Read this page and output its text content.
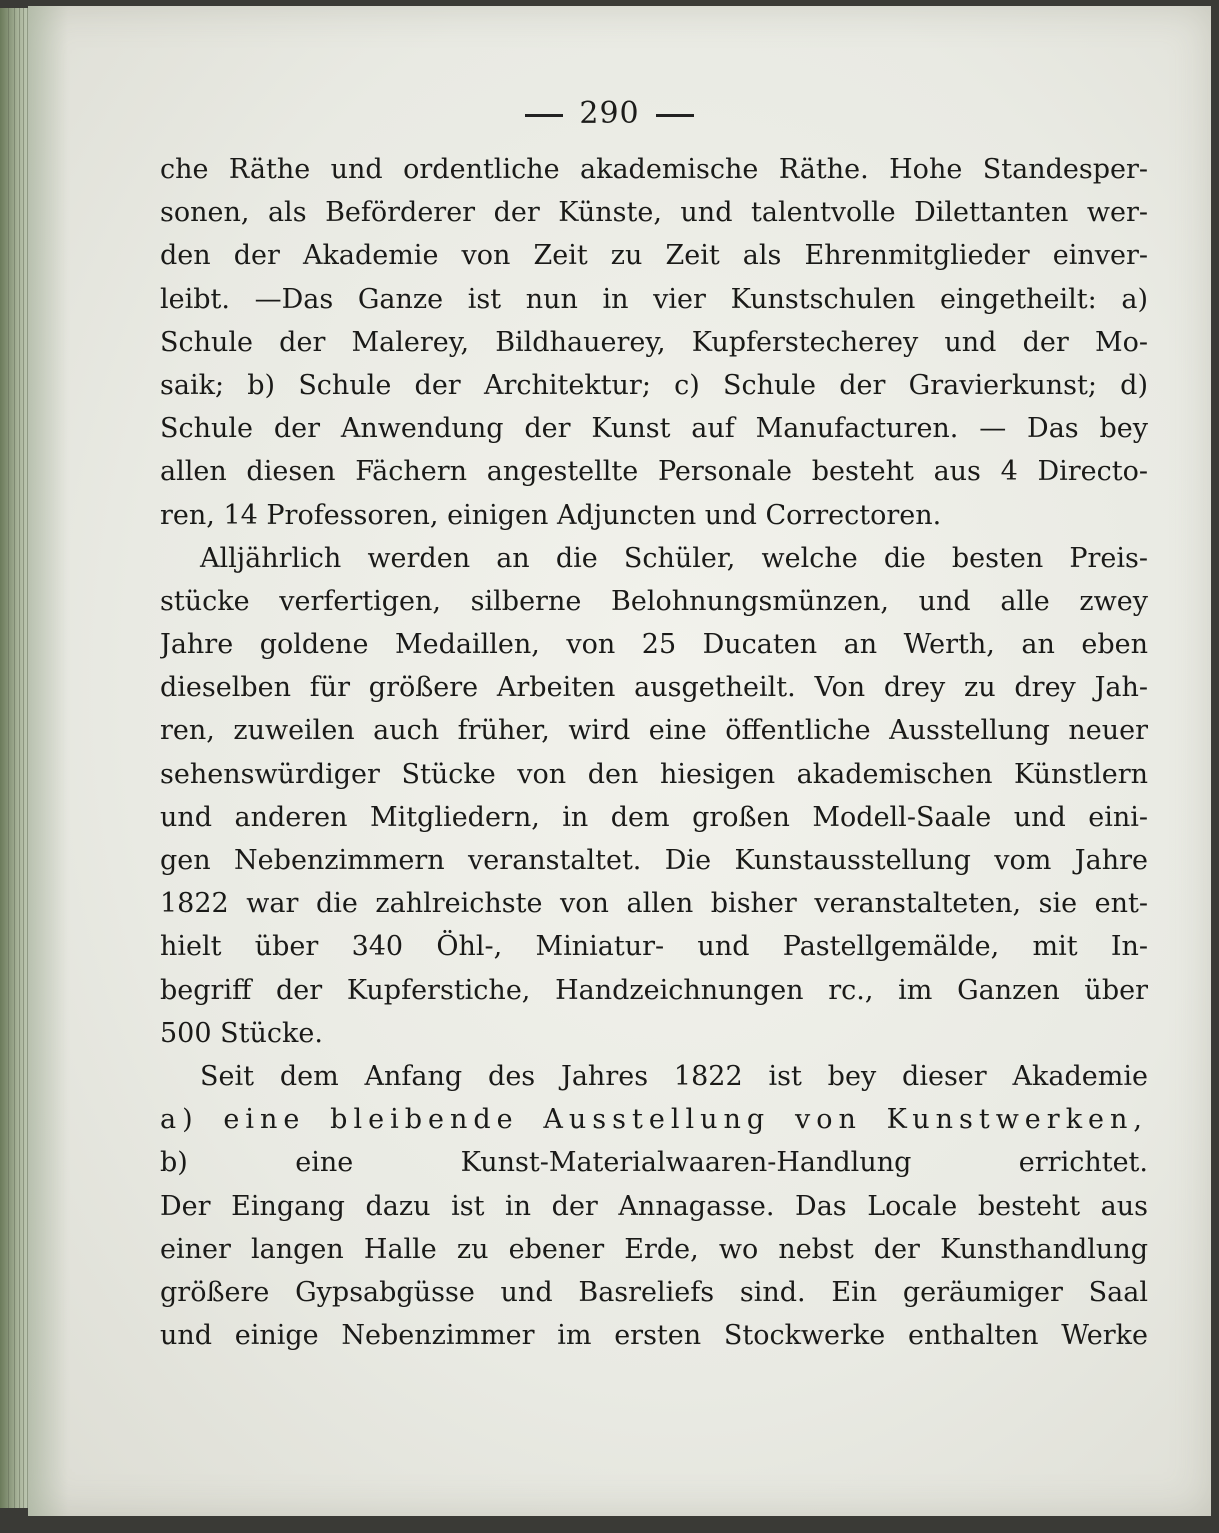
290
che Räthe und ordentliche akademische Räthe. Hohe Standesper-
sonen, als Beförderer der Künste, und talentvolle Dilettanten wer-
den der Akademie von Zeit zu Zeit als Ehrenmitglieder einver-
leibt. —Das Ganze ist nun in vier Kunstschulen eingetheilt: a)
Schule der Malerey, Bildhauerey, Kupferstecherey und der Mo-
saik; b) Schule der Architektur; c) Schule der Gravierkunst; d)
Schule der Anwendung der Kunst auf Manufacturen. — Das bey
allen diesen Fächern angestellte Personale besteht aus 4 Directo-
ren, 14 Professoren, einigen Adjuncten und Correctoren.
Alljährlich werden an die Schüler, welche die besten Preis-
stücke verfertigen, silberne Belohnungsmünzen, und alle zwey
Jahre goldene Medaillen, von 25 Ducaten an Werth, an eben
dieselben für größere Arbeiten ausgetheilt. Von drey zu drey Jah-
ren, zuweilen auch früher, wird eine öffentliche Ausstellung neuer
sehenswürdiger Stücke von den hiesigen akademischen Künstlern
und anderen Mitgliedern, in dem großen Modell-Saale und eini-
gen Nebenzimmern veranstaltet. Die Kunstausstellung vom Jahre
1822 war die zahlreichste von allen bisher veranstalteten, sie ent-
hielt über 340 Öhl-, Miniatur- und Pastellgemälde, mit In-
begriff der Kupferstiche, Handzeichnungen rc., im Ganzen über
500 Stücke.
Seit dem Anfang des Jahres 1822 ist bey dieser Akademie
a) eine bleibende Ausstellung von Kunstwerken,
b) eine Kunst-Materialwaaren-Handlung errichtet.
Der Eingang dazu ist in der Annagasse. Das Locale besteht aus
einer langen Halle zu ebener Erde, wo nebst der Kunsthandlung
größere Gypsabgüsse und Basreliefs sind. Ein geräumiger Saal
und einige Nebenzimmer im ersten Stockwerke enthalten Werke
